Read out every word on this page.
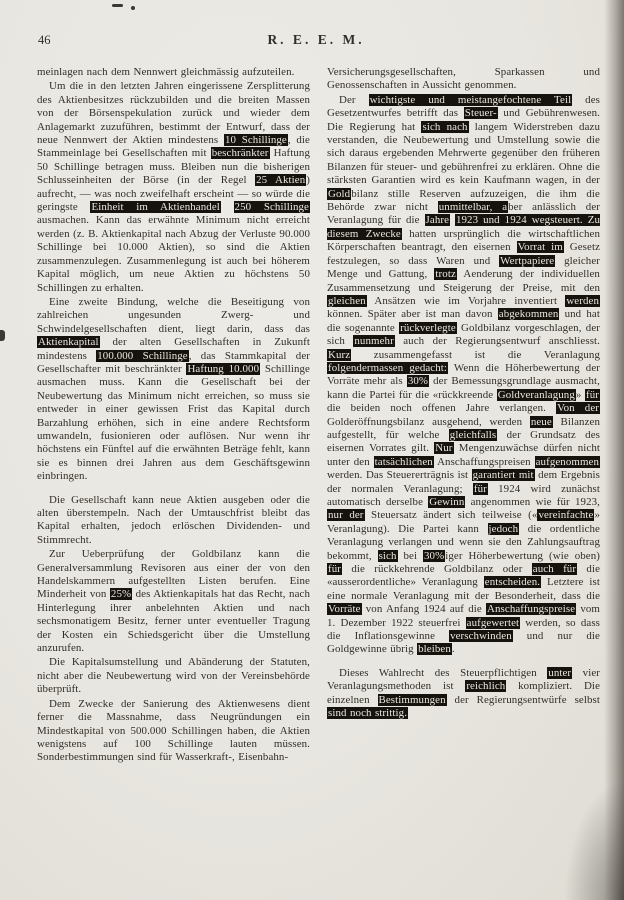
46	R. E. E. M.

meinlagen nach dem Nennwert gleichmässig aufzuteilen.

Um die in den letzten Jahren eingerissene Zersplitterung des Aktienbesitzes rückzubilden und die breiten Massen von der Börsenspekulation zurück und wieder dem Anlagemarkt zuzuführen, bestimmt der Entwurf, dass der neue Nennwert der Aktien mindestens 10 Schillinge, die Stammeinlage bei Gesellschaften mit beschränkter Haftung 50 Schillinge betragen muss. Bleiben nun die bisherigen Schlusseinheiten der Börse (in der Regel 25 Aktien) aufrecht, — was noch zweifelhaft erscheint — so würde die geringste Einheit im Aktienhandel 250 Schillinge ausmachen. Kann das erwähnte Minimum nicht erreicht werden (z. B. Aktienkapital nach Abzug der Verluste 90.000 Schillinge bei 10.000 Aktien), so sind die Aktien zusammenzulegen. Zusammenlegung ist auch bei höherem Kapital möglich, um neue Aktien zu höchstens 50 Schillingen zu erhalten.

Eine zweite Bindung, welche die Beseitigung von zahlreichen ungesunden Zwerg- und Schwindelgesellschaften dient, liegt darin, dass das Aktienkapital der alten Gesellschaften in Zukunft mindestens 100.000 Schillinge, das Stammkapital der Gesellschafter mit beschränkter Haftung 10.000 Schillinge ausmachen muss. Kann die Gesellschaft bei der Neubewertung das Minimum nicht erreichen, so muss sie entweder in einer gewissen Frist das Kapital durch Barzahlung erhöhen, sich in eine andere Rechtsform umwandeln, fusionieren oder auflösen. Nur wenn ihr höchstens ein Fünftel auf die erwähnten Beträge fehlt, kann sie es binnen drei Jahren aus dem Geschäftsgewinn einbringen.

Die Gesellschaft kann neue Aktien ausgeben oder die alten überstempeln. Nach der Umtauschfrist bleibt das Kapital erhalten, jedoch erlöschen Dividenden- und Stimmrecht.

Zur Ueberprüfung der Goldbilanz kann die Generalversammlung Revisoren aus einer der von den Handelskammern aufgestellten Listen berufen. Eine Minderheit von 25% des Aktienkapitals hat das Recht, nach Hinterlegung ihrer anbelehnten Aktien und nach sechsmonatigem Besitz, ferner unter eventueller Tragung der Kosten ein Schiedsgericht über die Umstellung anzurufen.

Die Kapitalsumstellung und Abänderung der Statuten, nicht aber die Neubewertung wird von der Vereinsbehörde überprüft.

Dem Zwecke der Sanierung des Aktienwesens dient ferner die Massnahme, dass Neugründungen ein Mindestkapital von 500.000 Schillingen haben, die Aktien wenigstens auf 100 Schillinge lauten müssen. Sonderbestimmungen sind für Wasserkraft-, Eisenbahn-

Versicherungsgesellschaften, Sparkassen und Genossenschaften in Aussicht genommen.

Der wichtigste und meistangefochtene Teil des Gesetzentwurfes betrifft das Steuer- und Gebührenwesen. Die Regierung hat sich nach langem Widerstreben dazu verstanden, die Neubewertung und Umstellung sowie die sich daraus ergebenden Mehrwerte gegenüber den früheren Bilanzen für steuer- und gebührenfrei zu erklären. Ohne die stärksten Garantien wird es kein Kaufmann wagen, in der Goldbilanz stille Reserven aufzuzeigen, die ihm die Behörde zwar nicht unmittelbar, aber anlässlich der Veranlagung für die Jahre 1923 und 1924 wegsteuert. Zu diesem Zwecke hatten ursprünglich die wirtschaftlichen Körperschaften beantragt, den eisernen Vorrat im Gesetz festzulegen, so dass Waren und Wertpapiere gleicher Menge und Gattung, trotz Aenderung der individuellen Zusammensetzung und Steigerung der Preise, mit den gleichen Ansätzen wie im Vorjahre inventiert werden können. Später aber ist man davon abgekommen und hat die sogenannte rückverlegte Goldbilanz vorgeschlagen, der sich nunmehr auch der Regierungsentwurf anschliesst. Kurz zusammengefasst ist die Veranlagung folgendermassen gedacht: Wenn die Höherbewertung der Vorräte mehr als 30% der Bemessungsgrundlage ausmacht, kann die Partei für die «rückkreende Goldveranlagung» für die beiden noch offenen Jahre verlangen. Von der Golderöffnungsbilanz ausgehend, werden neue Bilanzen aufgestellt, für welche gleichfalls der Grundsatz des eisernen Vorrates gilt. Nur Mengenzuwächse dürfen nicht unter den tatsächlichen Anschaffungspreisen aufgenommen werden. Das Steuererträgnis ist garantiert mit dem Ergebnis der normalen Veranlagung; für 1924 wird zunächst automatisch derselbe Gewinn angenommen wie für 1923, nur der Steuersatz ändert sich teilweise («vereinfachte» Veranlagung). Die Partei kann jedoch die ordentliche Veranlagung verlangen und wenn sie den Zahlungsauftrag bekommt, sich bei 30%iger Höherbewertung (wie oben) für die rückkehrende Goldbilanz oder auch für die «ausserordentliche» Veranlagung entscheiden. Letztere ist eine normale Veranlagung mit der Besonderheit, dass die Vorräte von Anfang 1924 auf die Anschaffungspreise vom 1. Dezember 1922 steuerfrei aufgewertet werden, so dass die Inflationsgewinne verschwinden und nur die Goldgewinne übrig bleiben.

Dieses Wahlrecht des Steuerpflichtigen unter vier Veranlagungsmethoden ist reichlich kompliziert. Die einzelnen Bestimmungen der Regierungsentwürfe selbst sind noch strittig.
